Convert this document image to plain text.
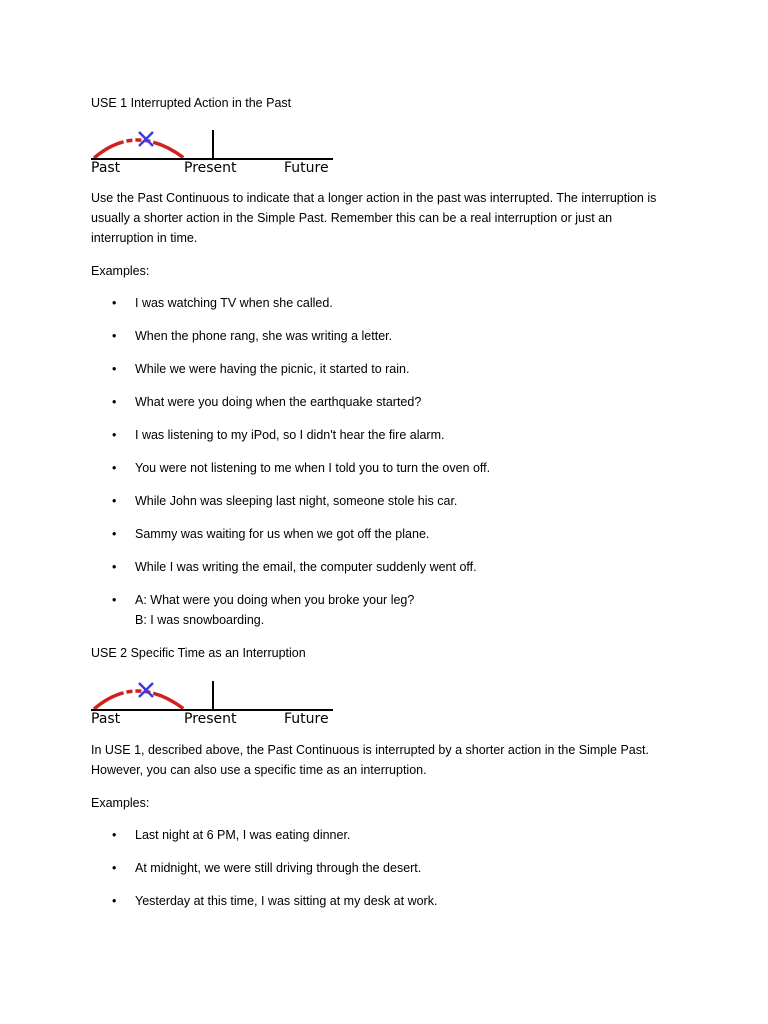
USE 1 Interrupted Action in the Past
Past	Present	Future
Use the Past Continuous to indicate that a longer action in the past was interrupted. The interruption is
usually a shorter action in the Simple Past. Remember this can be a real interruption or just an
interruption in time.
Examples:
•	I was watching TV when she called.
•	When the phone rang, she was writing a letter.
•	While we were having the picnic, it started to rain.
•	What were you doing when the earthquake started?
•	I was listening to my iPod, so I didn't hear the fire alarm.
•	You were not listening to me when I told you to turn the oven off.
•	While John was sleeping last night, someone stole his car.
•	Sammy was waiting for us when we got off the plane.
•	While I was writing the email, the computer suddenly went off.
•	A: What were you doing when you broke your leg?
B: I was snowboarding.
USE 2 Specific Time as an Interruption
Past	Present	Future
In USE 1, described above, the Past Continuous is interrupted by a shorter action in the Simple Past.
However, you can also use a specific time as an interruption.
Examples:
•	Last night at 6 PM, I was eating dinner.
•	At midnight, we were still driving through the desert.
•	Yesterday at this time, I was sitting at my desk at work.
